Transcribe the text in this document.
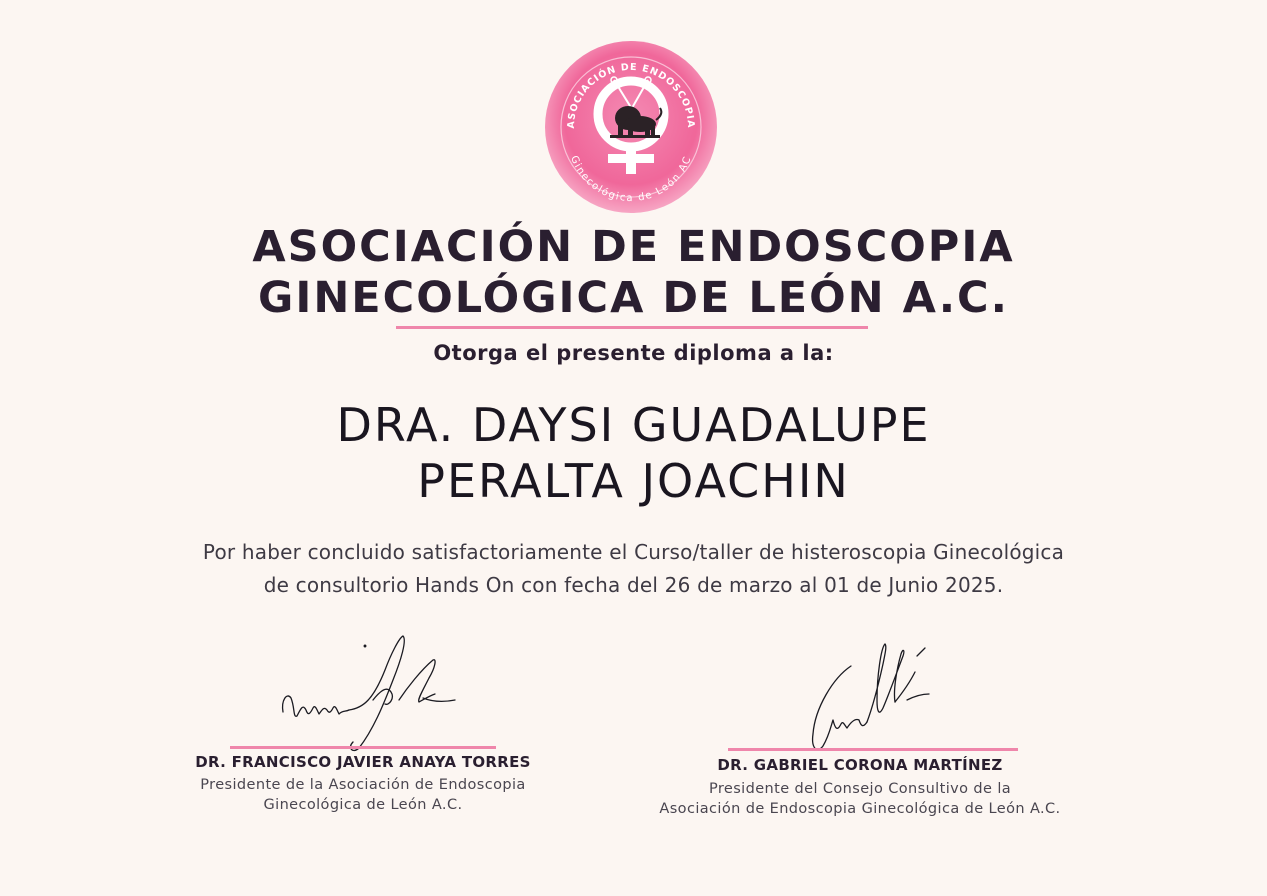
ASOCIACIÓN DE ENDOSCOPIA
Ginecológica de León AC
ASOCIACIÓN DE ENDOSCOPIA
GINECOLÓGICA DE LEÓN A.C.
Otorga el presente diploma a la:
DRA. DAYSI GUADALUPE
PERALTA JOACHIN
Por haber concluido satisfactoriamente el Curso/taller de histeroscopia Ginecológica
de consultorio Hands On con fecha del 26 de marzo al 01 de Junio 2025.
DR. FRANCISCO JAVIER ANAYA TORRES
Presidente de la Asociación de Endoscopia
Ginecológica de León A.C.
DR. GABRIEL CORONA MARTÍNEZ
Presidente del Consejo Consultivo de la
Asociación de Endoscopia Ginecológica de León A.C.
